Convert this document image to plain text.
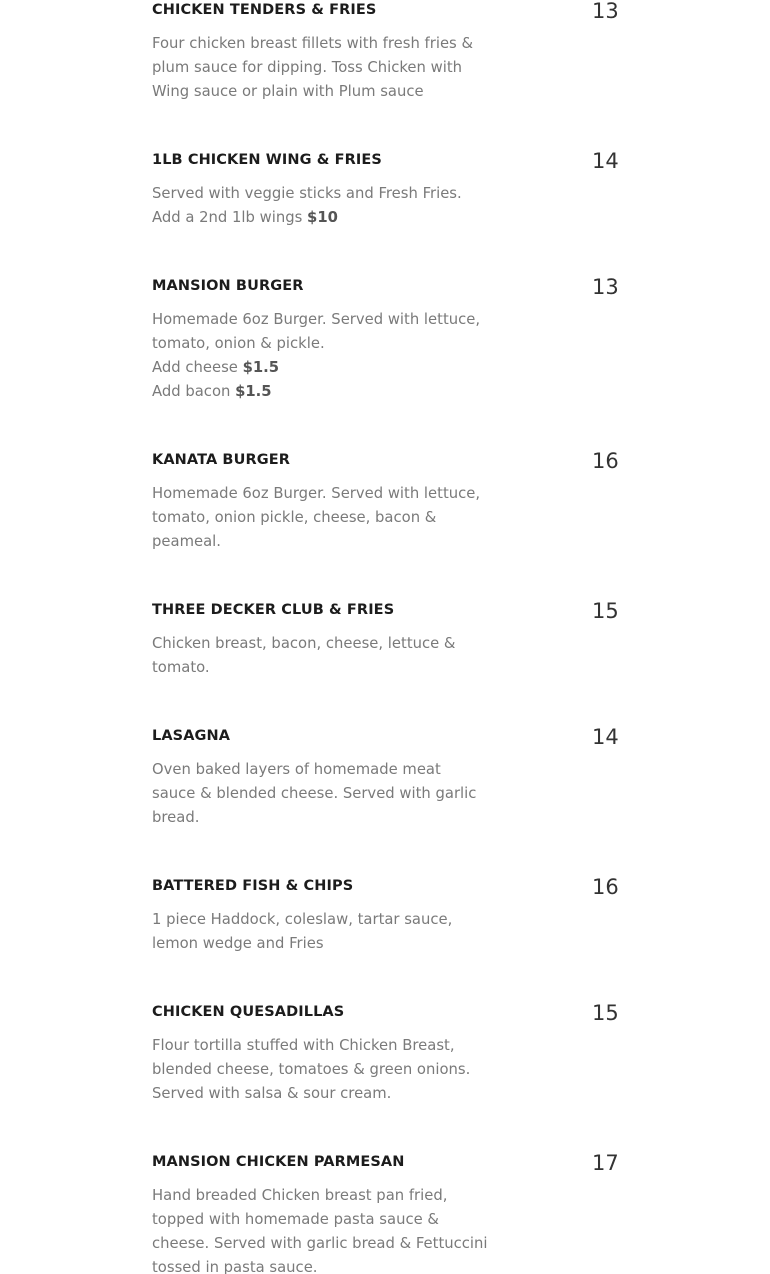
CHICKEN TENDERS & FRIES	13
Four chicken breast fillets with fresh fries &
plum sauce for dipping. Toss Chicken with
Wing sauce or plain with Plum sauce
1LB CHICKEN WING & FRIES	14
Served with veggie sticks and Fresh Fries.
Add a 2nd 1lb wings $10
MANSION BURGER	13
Homemade 6oz Burger. Served with lettuce,
tomato, onion & pickle.
Add cheese $1.5
Add bacon $1.5
KANATA BURGER	16
Homemade 6oz Burger. Served with lettuce,
tomato, onion pickle, cheese, bacon &
peameal.
THREE DECKER CLUB & FRIES	15
Chicken breast, bacon, cheese, lettuce &
tomato.
LASAGNA	14
Oven baked layers of homemade meat
sauce & blended cheese. Served with garlic
bread.
BATTERED FISH & CHIPS	16
1 piece Haddock, coleslaw, tartar sauce,
lemon wedge and Fries
CHICKEN QUESADILLAS	15
Flour tortilla stuffed with Chicken Breast,
blended cheese, tomatoes & green onions.
Served with salsa & sour cream.
MANSION CHICKEN PARMESAN	17
Hand breaded Chicken breast pan fried,
topped with homemade pasta sauce &
cheese. Served with garlic bread & Fettuccini
tossed in pasta sauce.
